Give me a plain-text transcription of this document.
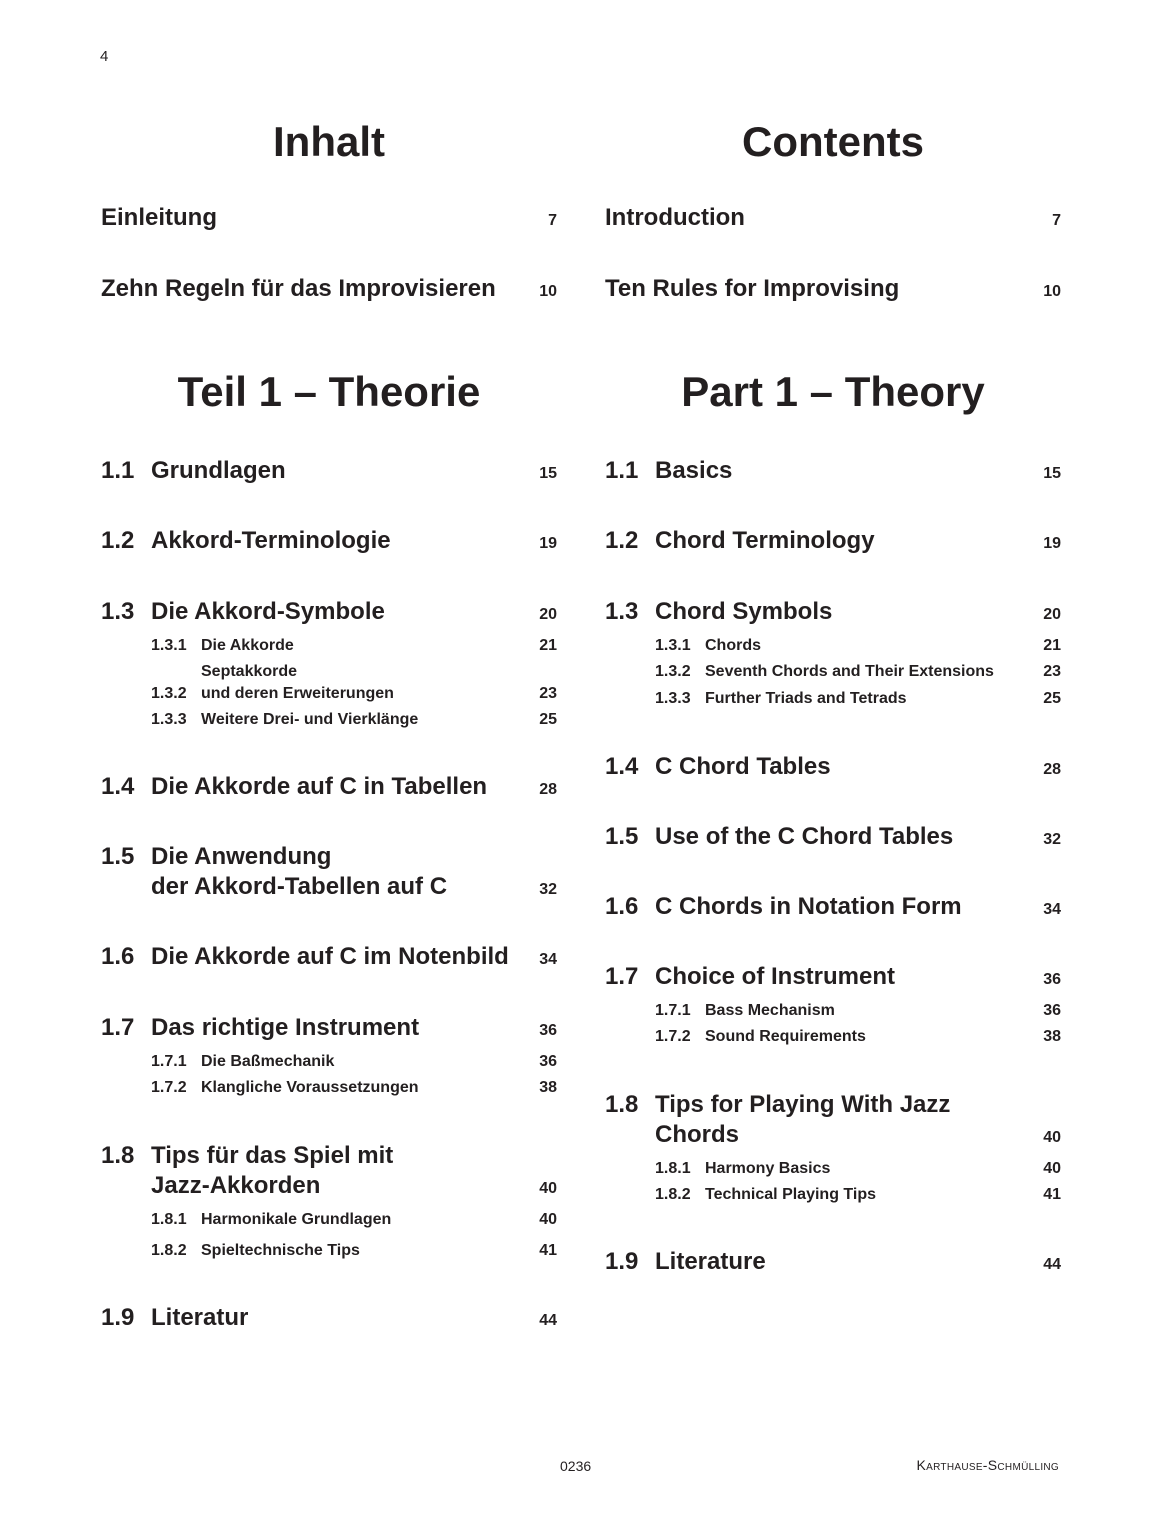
4
Inhalt
Einleitung	7
Zehn Regeln für das Improvisieren	10
Teil 1 – Theorie
1.1 Grundlagen	15
1.2 Akkord-Terminologie	19
1.3 Die Akkord-Symbole	20
1.3.1 Die Akkorde	21
1.3.2
Septakkorde
und deren Erweiterungen	23
1.3.3 Weitere Drei- und Vierklänge	25
1.4 Die Akkorde auf C in Tabellen	28
1.5 Die Anwendung
der Akkord-Tabellen auf C	32
1.6 Die Akkorde auf C im Notenbild	34
1.7 Das richtige Instrument	36
1.7.1 Die Baßmechanik	36
1.7.2 Klangliche Voraussetzungen	38
1.8 Tips für das Spiel mit
Jazz-Akkorden	40
1.8.1 Harmonikale Grundlagen	40
1.8.2 Spieltechnische Tips	41
1.9 Literatur	44
Contents
Introduction	7
Ten Rules for Improvising	10
Part 1 – Theory
1.1 Basics	15
1.2 Chord Terminology	19
1.3 Chord Symbols	20
1.3.1 Chords	21
1.3.2 Seventh Chords and Their Extensions	23
1.3.3 Further Triads and Tetrads	25
1.4 C Chord Tables	28
1.5 Use of the C Chord Tables	32
1.6 C Chords in Notation Form	34
1.7 Choice of Instrument	36
1.7.1 Bass Mechanism	36
1.7.2 Sound Requirements	38
1.8 Tips for Playing With Jazz
Chords	40
1.8.1 Harmony Basics	40
1.8.2 Technical Playing Tips	41
1.9 Literature	44
0236	Karthause-Schmülling
